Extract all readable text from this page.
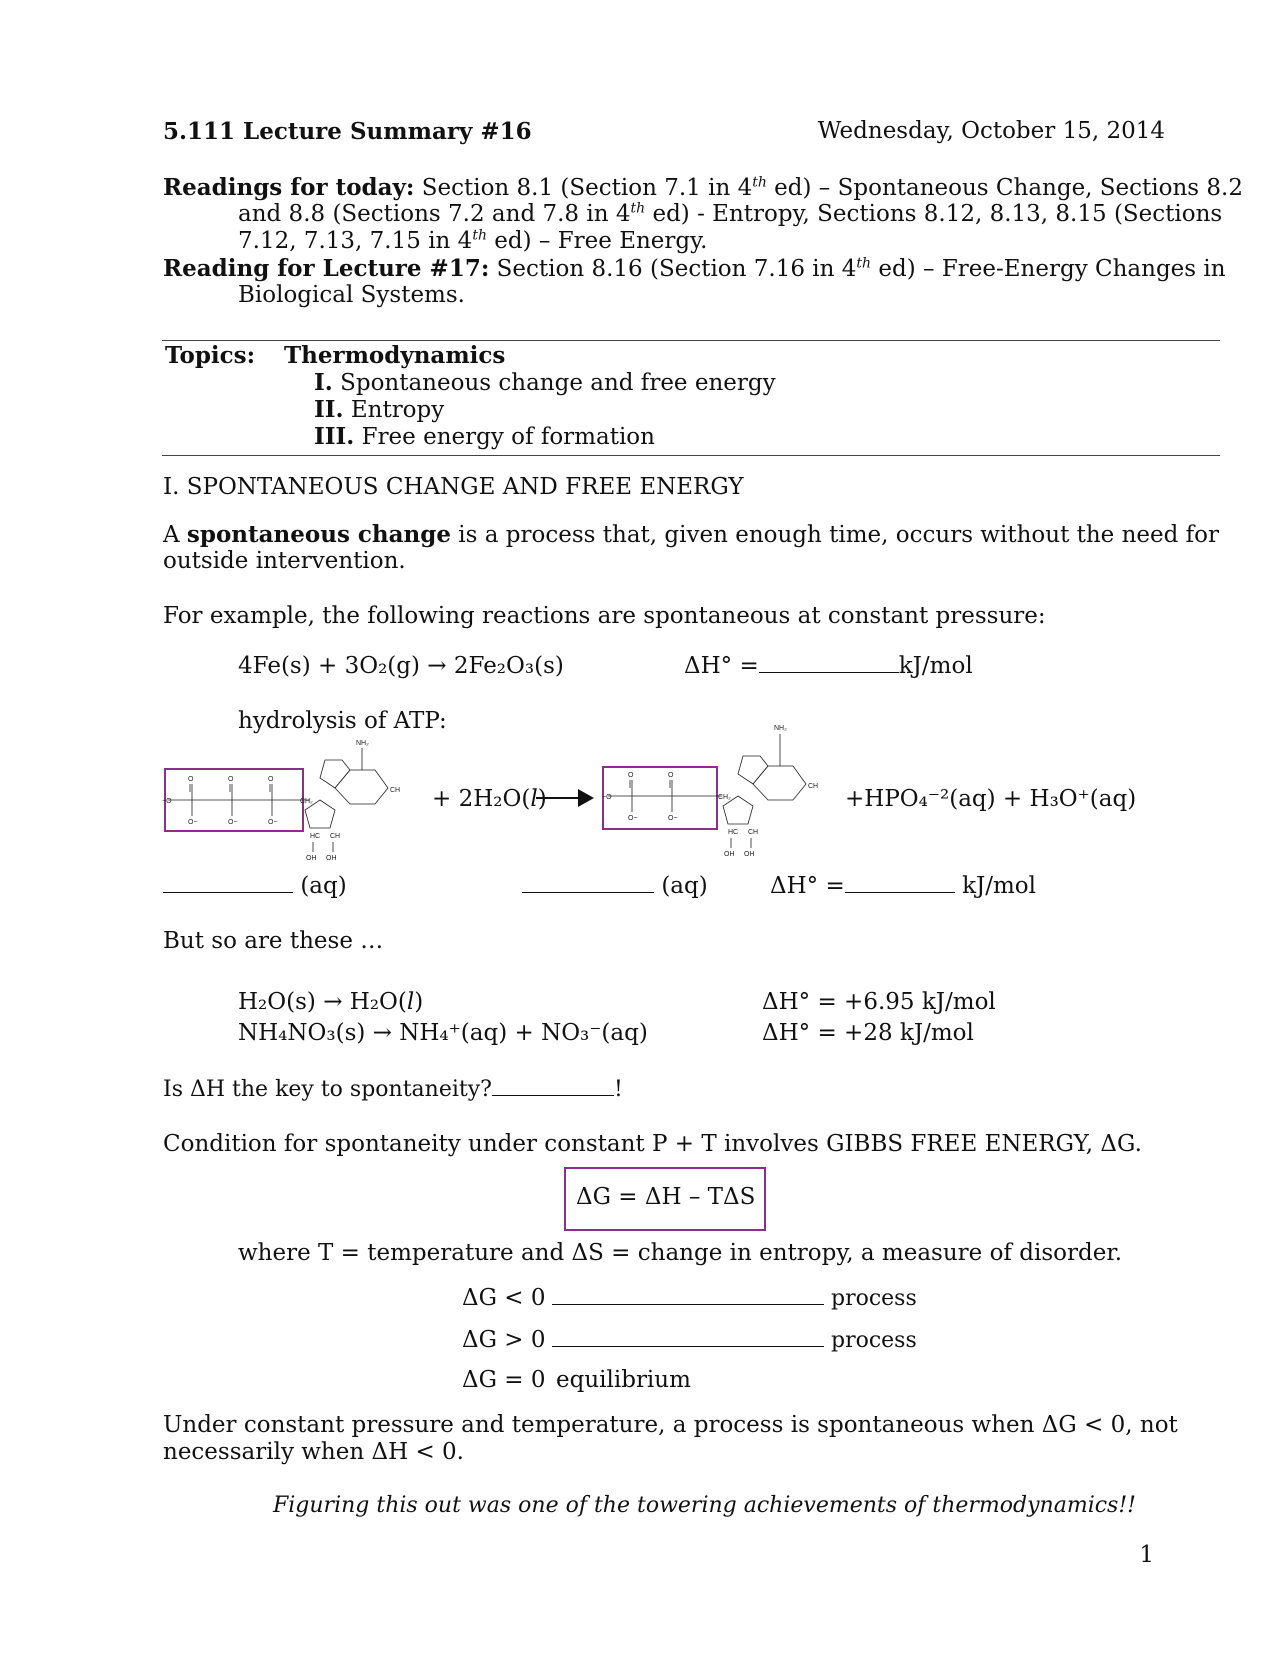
5.111 Lecture Summary #16	Wednesday, October 15, 2014
Readings for today: Section 8.1 (Section 7.1 in 4th ed) – Spontaneous Change, Sections 8.2
and 8.8 (Sections 7.2 and 7.8 in 4th ed) - Entropy, Sections 8.12, 8.13, 8.15 (Sections
7.12, 7.13, 7.15 in 4th ed) – Free Energy.
Reading for Lecture #17: Section 8.16 (Section 7.16 in 4th ed) – Free-Energy Changes in
Biological Systems.
Topics: Thermodynamics
I. Spontaneous change and free energy
II. Entropy
III. Free energy of formation
I. SPONTANEOUS CHANGE AND FREE ENERGY
A spontaneous change is a process that, given enough time, occurs without the need for
outside intervention.
For example, the following reactions are spontaneous at constant pressure:
4Fe(s) + 3O₂(g) → 2Fe₂O₃(s)	ΔH° =	kJ/mol
hydrolysis of ATP:
O	O	O
O−	O−	O−
−O	CH₂
NH₂
CH
HC CH
OH OH
+ 2H₂O(l)
O	O
O−	O−
−O	CH₂
NH₂
CH
HC CH
OH OH
+HPO₄⁻²(aq) + H₃O⁺(aq)
(aq)	(aq)	ΔH° =	kJ/mol
But so are these …
H₂O(s) → H₂O(l)	ΔH° = +6.95 kJ/mol
NH₄NO₃(s) → NH₄⁺(aq) + NO₃⁻(aq)	ΔH° = +28 kJ/mol
Is ΔH the key to spontaneity?	!
Condition for spontaneity under constant P + T involves GIBBS FREE ENERGY, ΔG.
ΔG = ΔH – TΔS
where T = temperature and ΔS = change in entropy, a measure of disorder.
ΔG < 0	process
ΔG > 0	process
ΔG = 0 equilibrium
Under constant pressure and temperature, a process is spontaneous when ΔG < 0, not
necessarily when ΔH < 0.
Figuring this out was one of the towering achievements of thermodynamics!!
1
